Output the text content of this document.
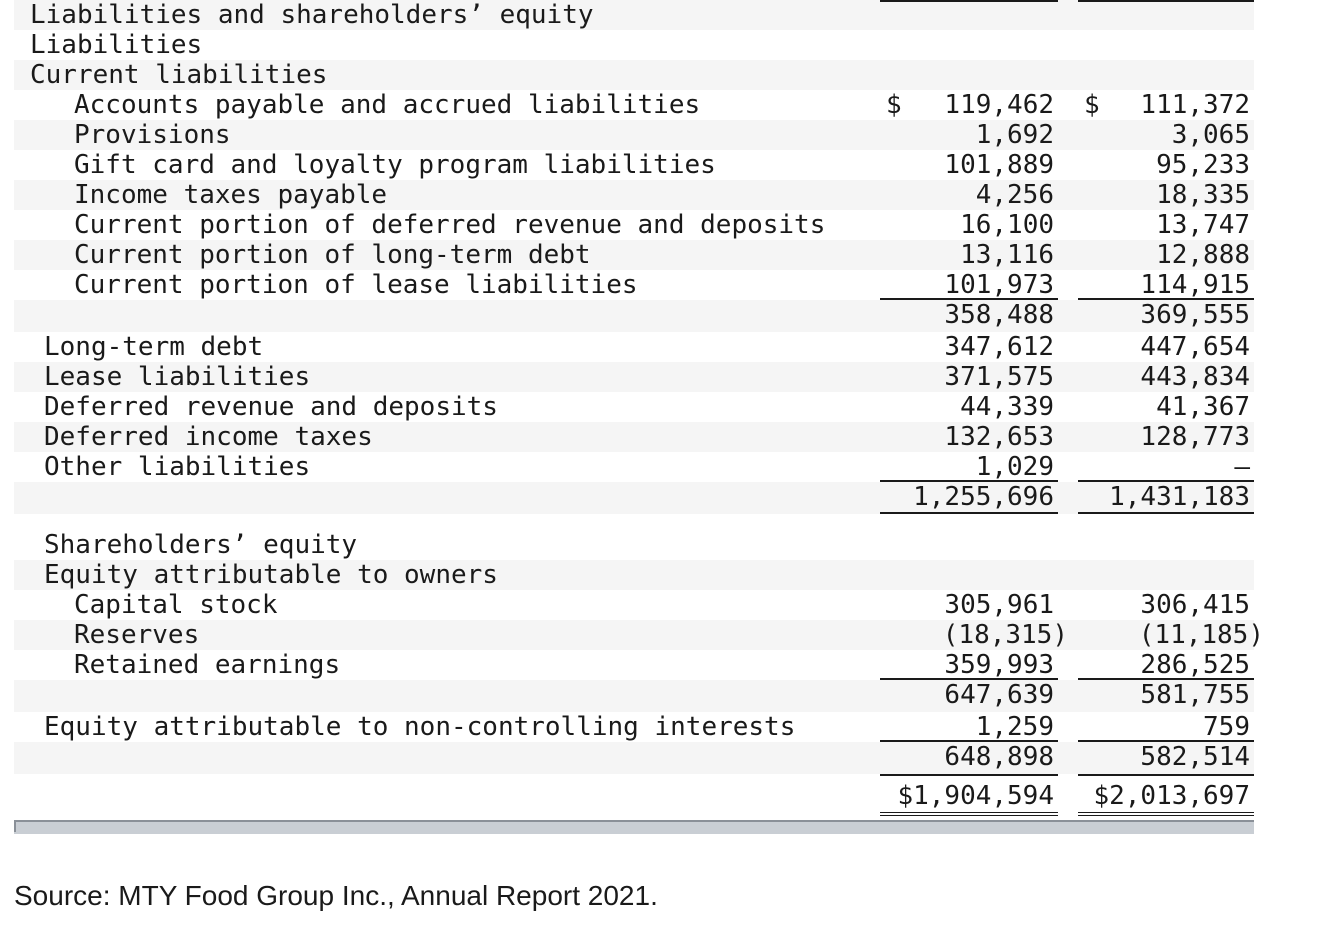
Liabilities and shareholders’ equity
Liabilities
Current liabilities
Accounts payable and accrued liabilities	$ 119,462 $ 111,372
Provisions	1,692	3,065
Gift card and loyalty program liabilities	101,889	95,233
Income taxes payable	4,256	18,335
Current portion of deferred revenue and deposits	16,100	13,747
Current portion of long-term debt	13,116	12,888
Current portion of lease liabilities	101,973	114,915
358,488	369,555
Long-term debt	347,612	447,654
Lease liabilities	371,575	443,834
Deferred revenue and deposits	44,339	41,367
Deferred income taxes	132,653	128,773
Other liabilities	1,029	—
1,255,696 1,431,183
Shareholders’ equity
Equity attributable to owners
Capital stock	305,961	306,415
Reserves	(18,315)	(11,185)
Retained earnings	359,993	286,525
647,639	581,755
Equity attributable to non-controlling interests	1,259	759
648,898	582,514
$1,904,594 $2,013,697
Source: MTY Food Group Inc., Annual Report 2021.
